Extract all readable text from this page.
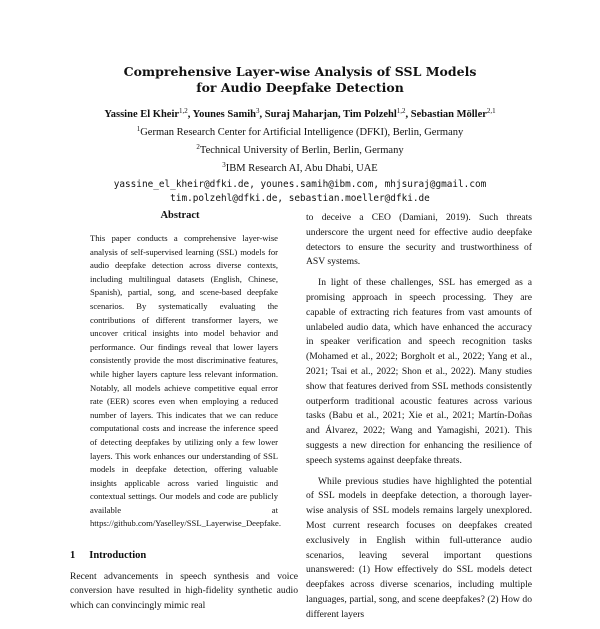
Comprehensive Layer-wise Analysis of SSL Models
for Audio Deepfake Detection
Yassine El Kheir$^{1,2}$, Younes Samih$^3$, Suraj Maharjan, Tim Polzehl$^{1,2}$, Sebastian Möller$^{2,1}$
$^1$German Research Center for Artificial Intelligence (DFKI), Berlin, Germany
$^2$Technical University of Berlin, Berlin, Germany
$^3$IBM Research AI, Abu Dhabi, UAE
yassine_el_kheir@dfki.de, younes.samih@ibm.com, mhjsuraj@gmail.com
tim.polzehl@dfki.de, sebastian.moeller@dfki.de
Abstract
This paper conducts a comprehensive layer-wise analysis of self-supervised learning (SSL) models for audio deepfake detection across diverse contexts, including multilingual datasets (English, Chinese, Spanish), partial, song, and scene-based deepfake scenarios. By systematically evaluating the contributions of different transformer layers, we uncover critical insights into model behavior and performance. Our findings reveal that lower layers consistently provide the most discriminative features, while higher layers capture less relevant information. Notably, all models achieve competitive equal error rate (EER) scores even when employing a reduced number of layers. This indicates that we can reduce computational costs and increase the inference speed of detecting deepfakes by utilizing only a few lower layers. This work enhances our understanding of SSL models in deepfake detection, offering valuable insights applicable across varied linguistic and contextual settings. Our models and code are publicly available at https://github.com/Yaselley/SSL_Layerwise_Deepfake.
1 Introduction
Recent advancements in speech synthesis and voice conversion have resulted in high-fidelity synthetic audio which can convincingly mimic real

to deceive a CEO (Damiani, 2019). Such threats underscore the urgent need for effective audio deepfake detectors to ensure the security and trustworthiness of ASV systems.

In light of these challenges, SSL has emerged as a promising approach in speech processing. They are capable of extracting rich features from vast amounts of unlabeled audio data, which have enhanced the accuracy in speaker verification and speech recognition tasks (Mohamed et al., 2022; Borgholt et al., 2022; Yang et al., 2021; Tsai et al., 2022; Shon et al., 2022). Many studies show that features derived from SSL methods consistently outperform traditional acoustic features across various tasks (Babu et al., 2021; Xie et al., 2021; Martín-Doñas and Álvarez, 2022; Wang and Yamagishi, 2021). This suggests a new direction for enhancing the resilience of speech systems against deepfake threats.

While previous studies have highlighted the potential of SSL models in deepfake detection, a thorough layer-wise analysis of SSL models remains largely unexplored. Most current research focuses on deepfakes created exclusively in English within full-utterance audio scenarios, leaving several important questions unanswered: (1) How effectively do SSL models detect deepfakes across diverse scenarios, including multiple languages, partial, song, and scene deepfakes? (2) How do different layers
